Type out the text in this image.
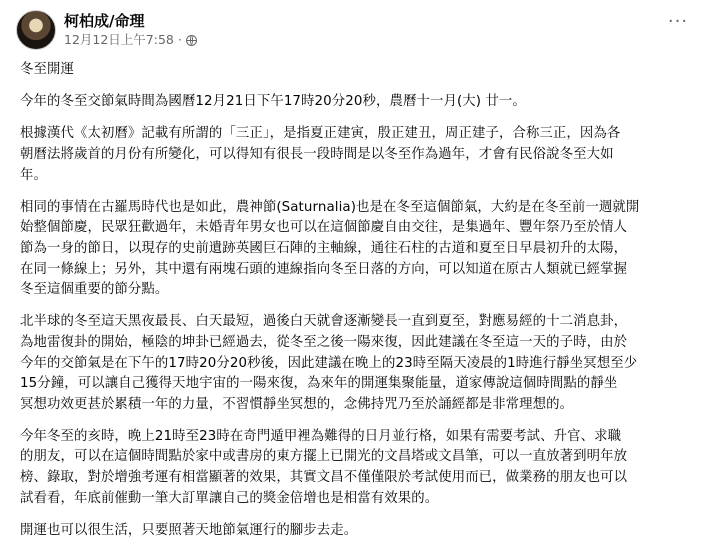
柯柏成/命理
12月12日上午7:58 ·
···
冬至開運
今年的冬至交節氣時間為國曆12月21日下午17時20分20秒，農曆十一月(大) 廿一。
根據漢代《太初曆》記載有所謂的「三正」，是指夏正建寅，殷正建丑，周正建子，合称三正，因為各
朝曆法將歲首的月份有所變化，可以得知有很長一段時間是以冬至作為過年，才會有民俗說冬至大如
年。
相同的事情在古羅馬時代也是如此，農神節(Saturnalia)也是在冬至這個節氣，大約是在冬至前一週就開
始整個節慶，民眾狂歡過年，未婚青年男女也可以在這個節慶自由交往，是集過年、豐年祭乃至於情人
節為一身的節日，以現存的史前遺跡英國巨石陣的主軸線，通往石柱的古道和夏至日早晨初升的太陽，
在同一條線上；另外，其中還有兩塊石頭的連線指向冬至日落的方向，可以知道在原古人類就已經掌握
冬至這個重要的節分點。
北半球的冬至這天黑夜最長、白天最短，過後白天就會逐漸變長一直到夏至，對應易經的十二消息卦，
為地雷復卦的開始，極陰的坤卦已經過去，從冬至之後一陽來復，因此建議在冬至這一天的子時，由於
今年的交節氣是在下午的17時20分20秒後，因此建議在晚上的23時至隔天凌晨的1時進行靜坐冥想至少
15分鐘，可以讓自己獲得天地宇宙的一陽來復，為來年的開運集聚能量，道家傳說這個時間點的靜坐
冥想功效更甚於累積一年的力量，不習慣靜坐冥想的，念佛持咒乃至於誦經都是非常理想的。
今年冬至的亥時，晚上21時至23時在奇門遁甲裡為難得的日月並行格，如果有需要考試、升官、求職
的朋友，可以在這個時間點於家中或書房的東方擺上已開光的文昌塔或文昌筆，可以一直放著到明年放
榜、錄取，對於增強考運有相當顯著的效果，其實文昌不僅僅限於考試使用而已，做業務的朋友也可以
試看看，年底前催動一筆大訂單讓自己的獎金倍增也是相當有效果的。
開運也可以很生活，只要照著天地節氣運行的腳步去走。
